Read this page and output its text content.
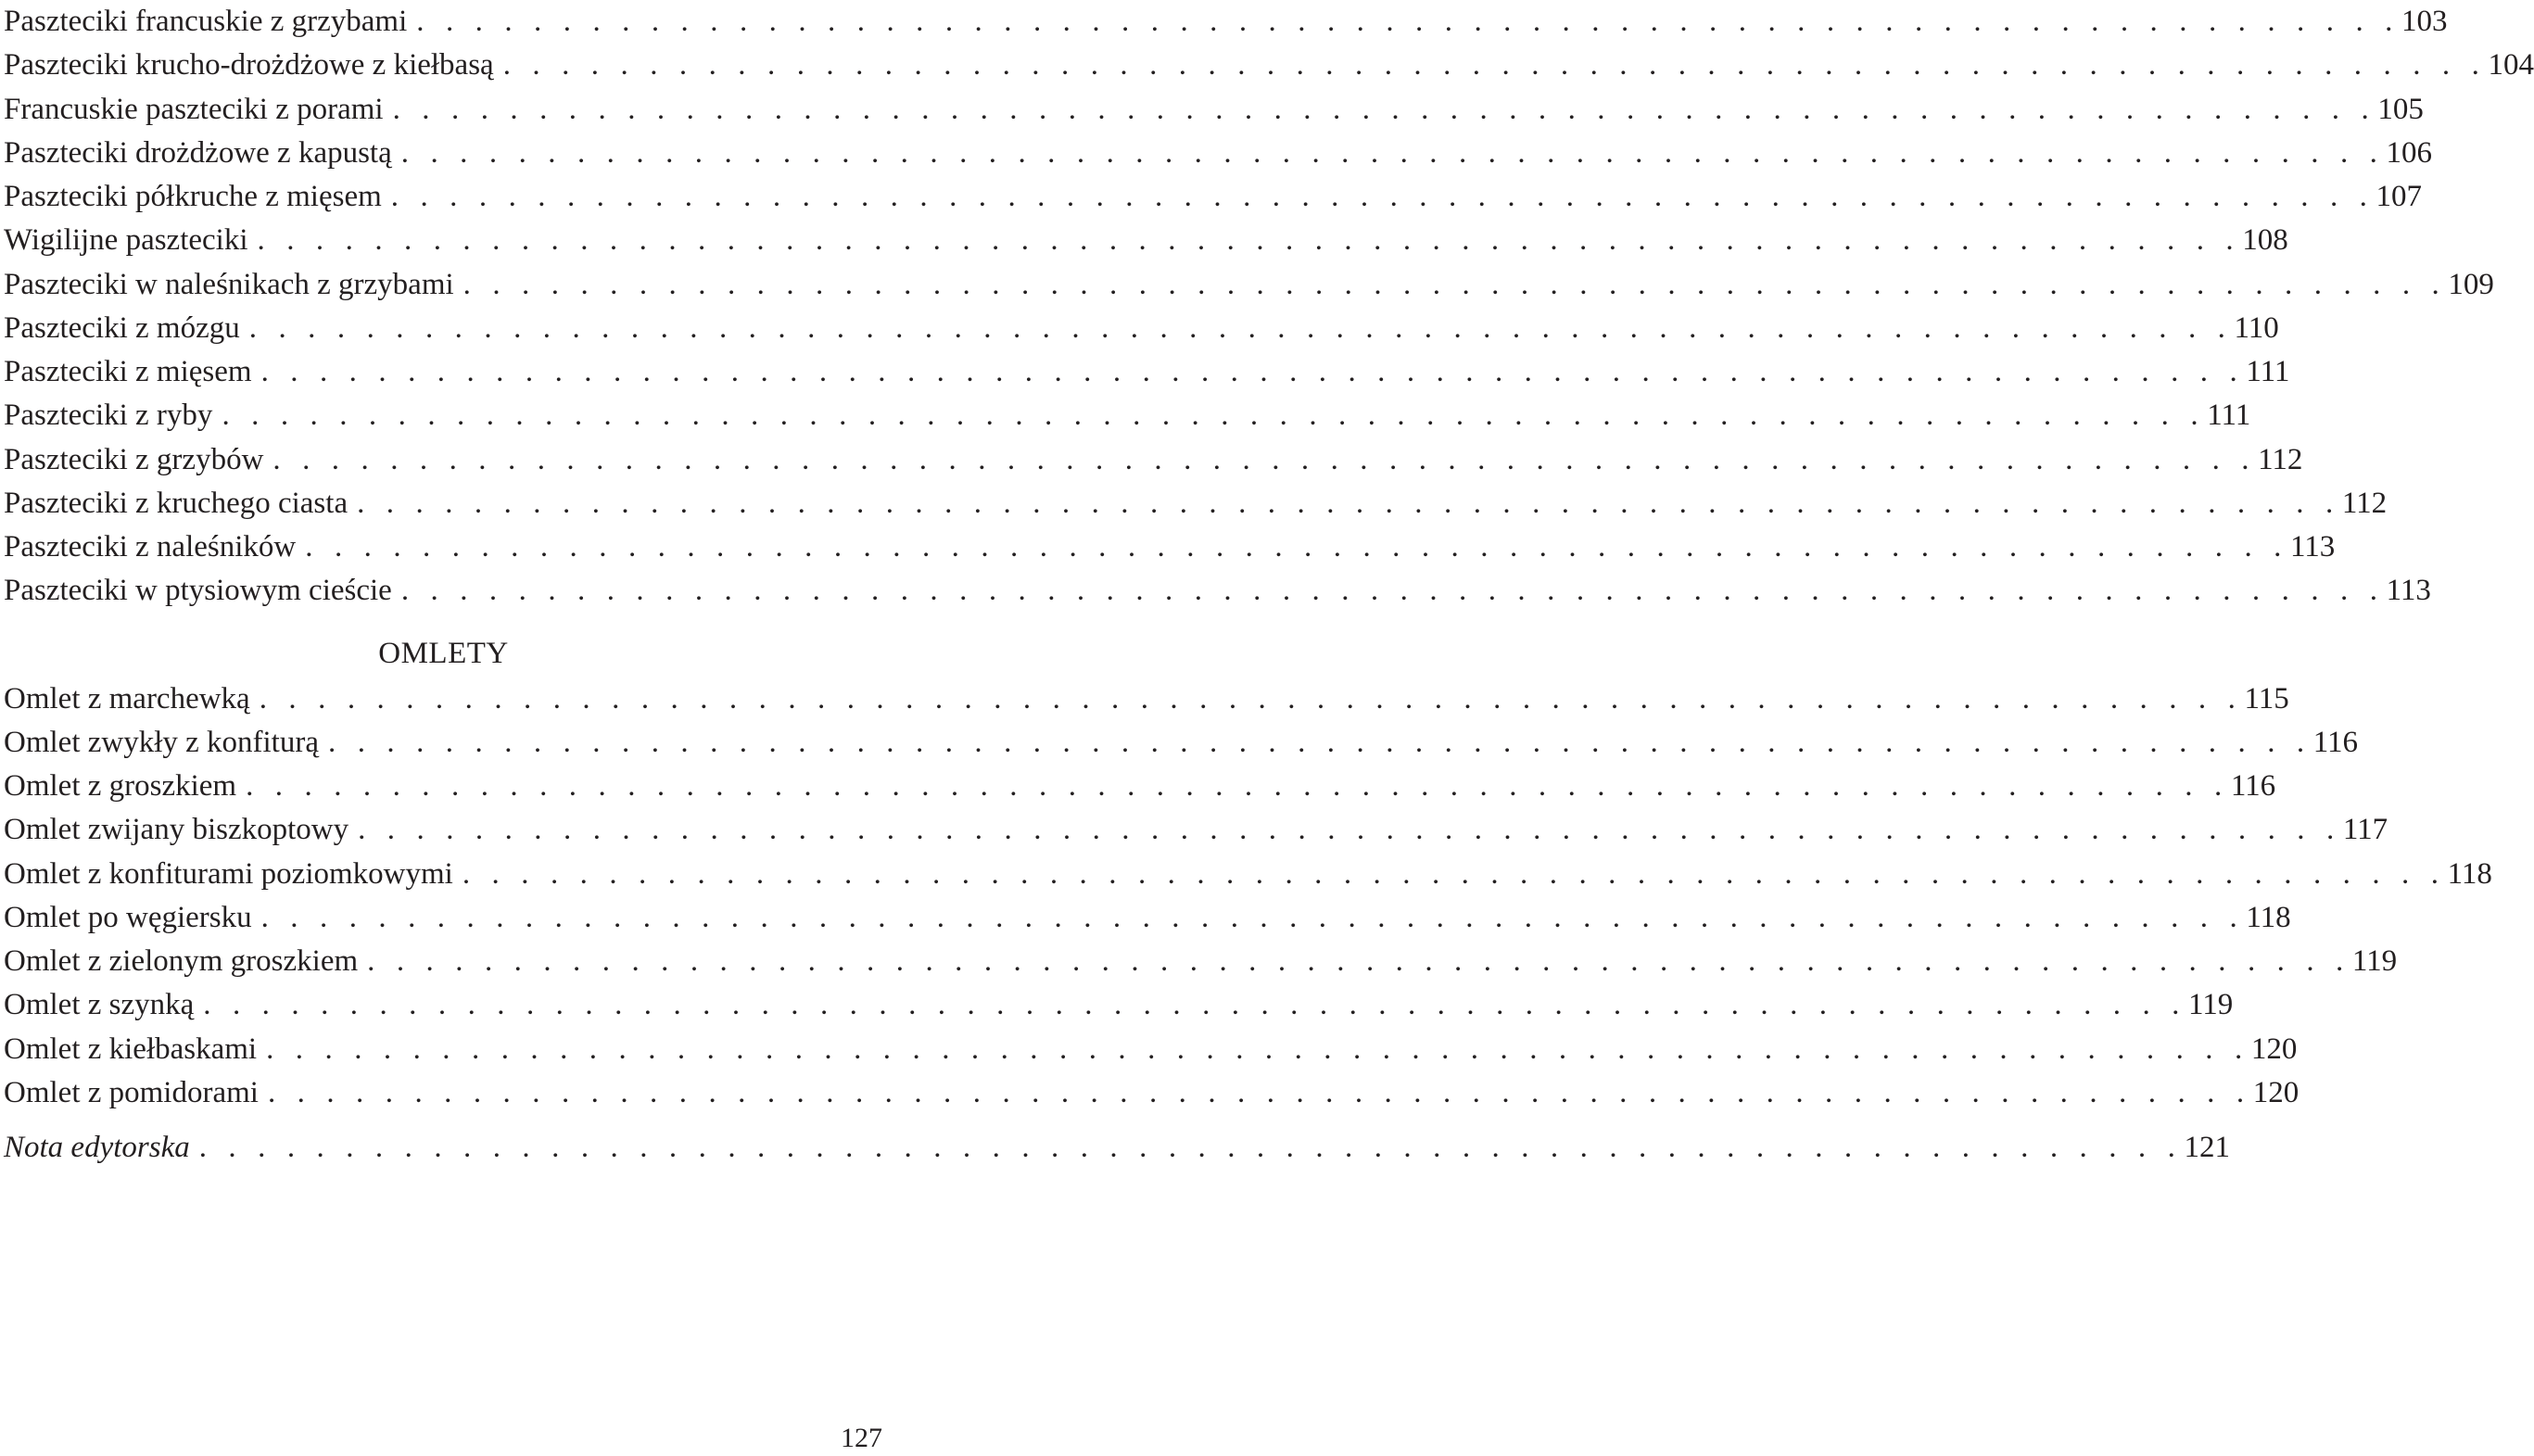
Paszteciki francuskie z grzybami . . . . . . . . . . . . . . . . . . . . . . . . . . . . . . . . . . . . . . . . . . . . . . . . . . . . . . . . . . . . . . . . . . . . 103
Paszteciki krucho-drożdżowe z kiełbasą . . . . . . . . . . . . . . . . . . . . . . . . . . . . . . . . . . . . . . . . . . . . . . . . . . . . . . . . . . . . . . . . . . . . 104
Francuskie paszteciki z porami . . . . . . . . . . . . . . . . . . . . . . . . . . . . . . . . . . . . . . . . . . . . . . . . . . . . . . . . . . . . . . . . . . . . 105
Paszteciki drożdżowe z kapustą . . . . . . . . . . . . . . . . . . . . . . . . . . . . . . . . . . . . . . . . . . . . . . . . . . . . . . . . . . . . . . . . . . . . 106
Paszteciki półkruche z mięsem . . . . . . . . . . . . . . . . . . . . . . . . . . . . . . . . . . . . . . . . . . . . . . . . . . . . . . . . . . . . . . . . . . . . 107
Wigilijne paszteciki . . . . . . . . . . . . . . . . . . . . . . . . . . . . . . . . . . . . . . . . . . . . . . . . . . . . . . . . . . . . . . . . . . . . 108
Paszteciki w naleśnikach z grzybami . . . . . . . . . . . . . . . . . . . . . . . . . . . . . . . . . . . . . . . . . . . . . . . . . . . . . . . . . . . . . . . . . . . . 109
Paszteciki z mózgu . . . . . . . . . . . . . . . . . . . . . . . . . . . . . . . . . . . . . . . . . . . . . . . . . . . . . . . . . . . . . . . . . . . . 110
Paszteciki z mięsem . . . . . . . . . . . . . . . . . . . . . . . . . . . . . . . . . . . . . . . . . . . . . . . . . . . . . . . . . . . . . . . . . . . . 111
Paszteciki z ryby . . . . . . . . . . . . . . . . . . . . . . . . . . . . . . . . . . . . . . . . . . . . . . . . . . . . . . . . . . . . . . . . . . . . 111
Paszteciki z grzybów . . . . . . . . . . . . . . . . . . . . . . . . . . . . . . . . . . . . . . . . . . . . . . . . . . . . . . . . . . . . . . . . . . . . 112
Paszteciki z kruchego ciasta . . . . . . . . . . . . . . . . . . . . . . . . . . . . . . . . . . . . . . . . . . . . . . . . . . . . . . . . . . . . . . . . . . . . 112
Paszteciki z naleśników . . . . . . . . . . . . . . . . . . . . . . . . . . . . . . . . . . . . . . . . . . . . . . . . . . . . . . . . . . . . . . . . . . . . 113
Paszteciki w ptysiowym cieście . . . . . . . . . . . . . . . . . . . . . . . . . . . . . . . . . . . . . . . . . . . . . . . . . . . . . . . . . . . . . . . . . . . . 113
OMLETY
Omlet z marchewką . . . . . . . . . . . . . . . . . . . . . . . . . . . . . . . . . . . . . . . . . . . . . . . . . . . . . . . . . . . . . . . . . . . . 115
Omlet zwykły z konfiturą . . . . . . . . . . . . . . . . . . . . . . . . . . . . . . . . . . . . . . . . . . . . . . . . . . . . . . . . . . . . . . . . . . . . 116
Omlet z groszkiem . . . . . . . . . . . . . . . . . . . . . . . . . . . . . . . . . . . . . . . . . . . . . . . . . . . . . . . . . . . . . . . . . . . . 116
Omlet zwijany biszkoptowy . . . . . . . . . . . . . . . . . . . . . . . . . . . . . . . . . . . . . . . . . . . . . . . . . . . . . . . . . . . . . . . . . . . . 117
Omlet z konfiturami poziomkowymi . . . . . . . . . . . . . . . . . . . . . . . . . . . . . . . . . . . . . . . . . . . . . . . . . . . . . . . . . . . . . . . . . . . . 118
Omlet po węgiersku . . . . . . . . . . . . . . . . . . . . . . . . . . . . . . . . . . . . . . . . . . . . . . . . . . . . . . . . . . . . . . . . . . . . 118
Omlet z zielonym groszkiem . . . . . . . . . . . . . . . . . . . . . . . . . . . . . . . . . . . . . . . . . . . . . . . . . . . . . . . . . . . . . . . . . . . . 119
Omlet z szynką . . . . . . . . . . . . . . . . . . . . . . . . . . . . . . . . . . . . . . . . . . . . . . . . . . . . . . . . . . . . . . . . . . . . 119
Omlet z kiełbaskami . . . . . . . . . . . . . . . . . . . . . . . . . . . . . . . . . . . . . . . . . . . . . . . . . . . . . . . . . . . . . . . . . . . . 120
Omlet z pomidorami . . . . . . . . . . . . . . . . . . . . . . . . . . . . . . . . . . . . . . . . . . . . . . . . . . . . . . . . . . . . . . . . . . . . 120
Nota edytorska . . . . . . . . . . . . . . . . . . . . . . . . . . . . . . . . . . . . . . . . . . . . . . . . . . . . . . . . . . . . . . . . . . . . 121
127
